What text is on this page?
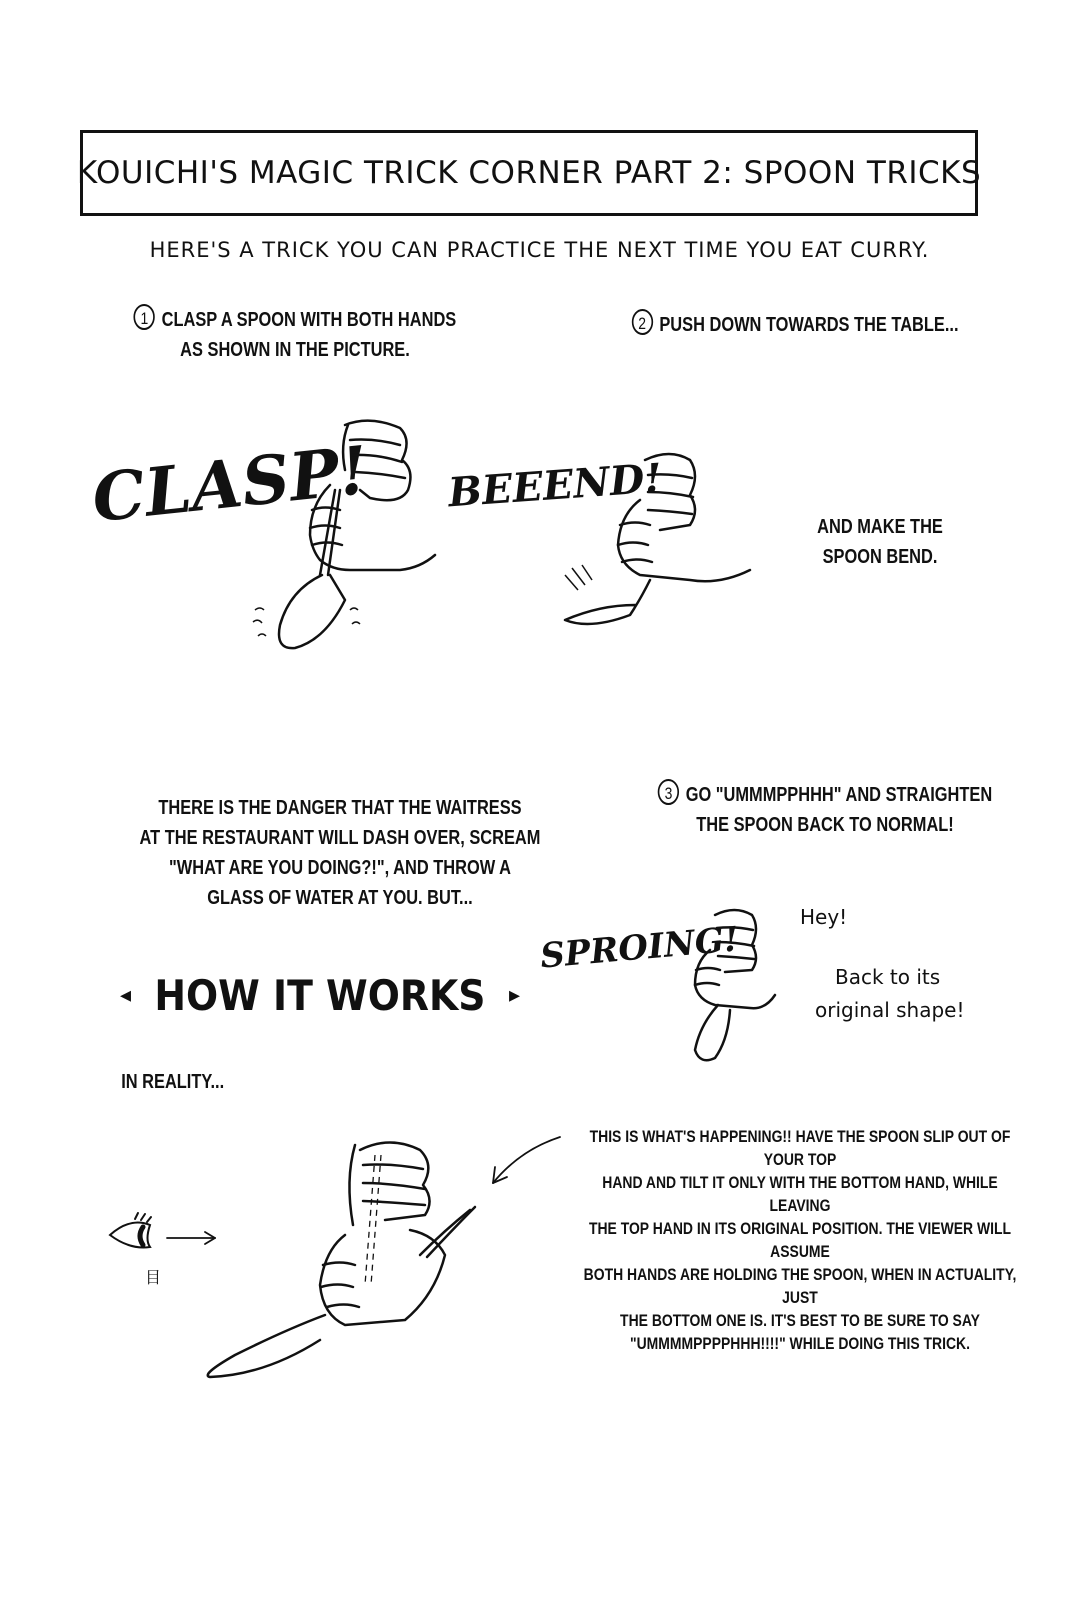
KOUICHI'S MAGIC TRICK CORNER PART 2: SPOON TRICKS
HERE'S A TRICK YOU CAN PRACTICE THE NEXT TIME YOU EAT CURRY.
1 CLASP A SPOON WITH BOTH HANDS
AS SHOWN IN THE PICTURE.
2 PUSH DOWN TOWARDS THE TABLE...
CLASP! BEEEND!
AND MAKE THE
SPOON BEND.
THERE IS THE DANGER THAT THE WAITRESS
AT THE RESTAURANT WILL DASH OVER, SCREAM
"WHAT ARE YOU DOING?!", AND THROW A
GLASS OF WATER AT YOU. BUT...
3 GO "UMMMPPHHH" AND STRAIGHTEN
THE SPOON BACK TO NORMAL!
◂ HOW IT WORKS ▸
SPROING!
Hey!
Back to its
original shape!
IN REALITY...
THIS IS WHAT'S HAPPENING!! HAVE THE SPOON SLIP OUT OF YOUR TOP
HAND AND TILT IT ONLY WITH THE BOTTOM HAND, WHILE LEAVING
THE TOP HAND IN ITS ORIGINAL POSITION. THE VIEWER WILL ASSUME
BOTH HANDS ARE HOLDING THE SPOON, WHEN IN ACTUALITY, JUST
THE BOTTOM ONE IS. IT'S BEST TO BE SURE TO SAY
"UMMMMPPPPHHH!!!!" WHILE DOING THIS TRICK.
目
